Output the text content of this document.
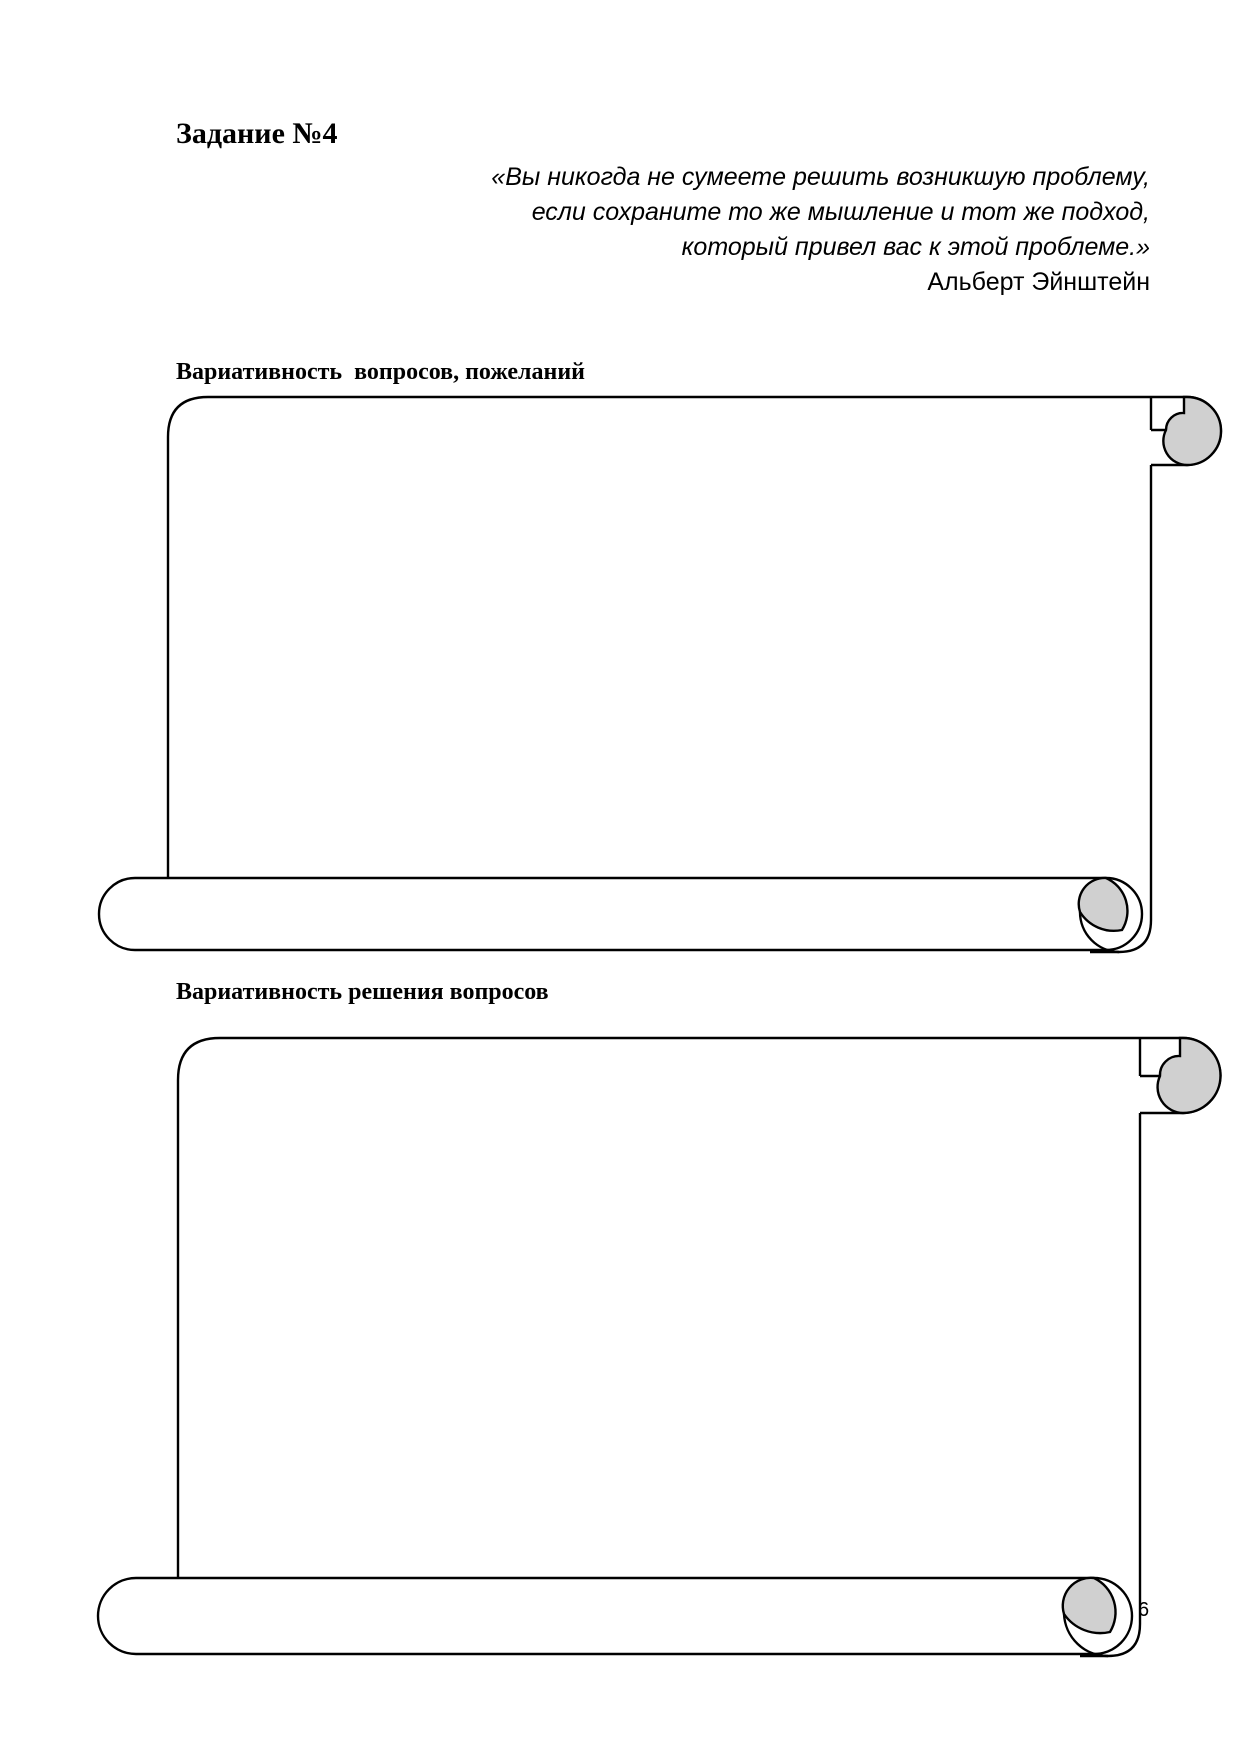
Задание №4
«Вы никогда не сумеете решить возникшую проблему,
если сохраните то же мышление и тот же подход,
который привел вас к этой проблеме.»
Альберт Эйнштейн
Вариативность  вопросов, пожеланий
Вариативность решения вопросов
6
